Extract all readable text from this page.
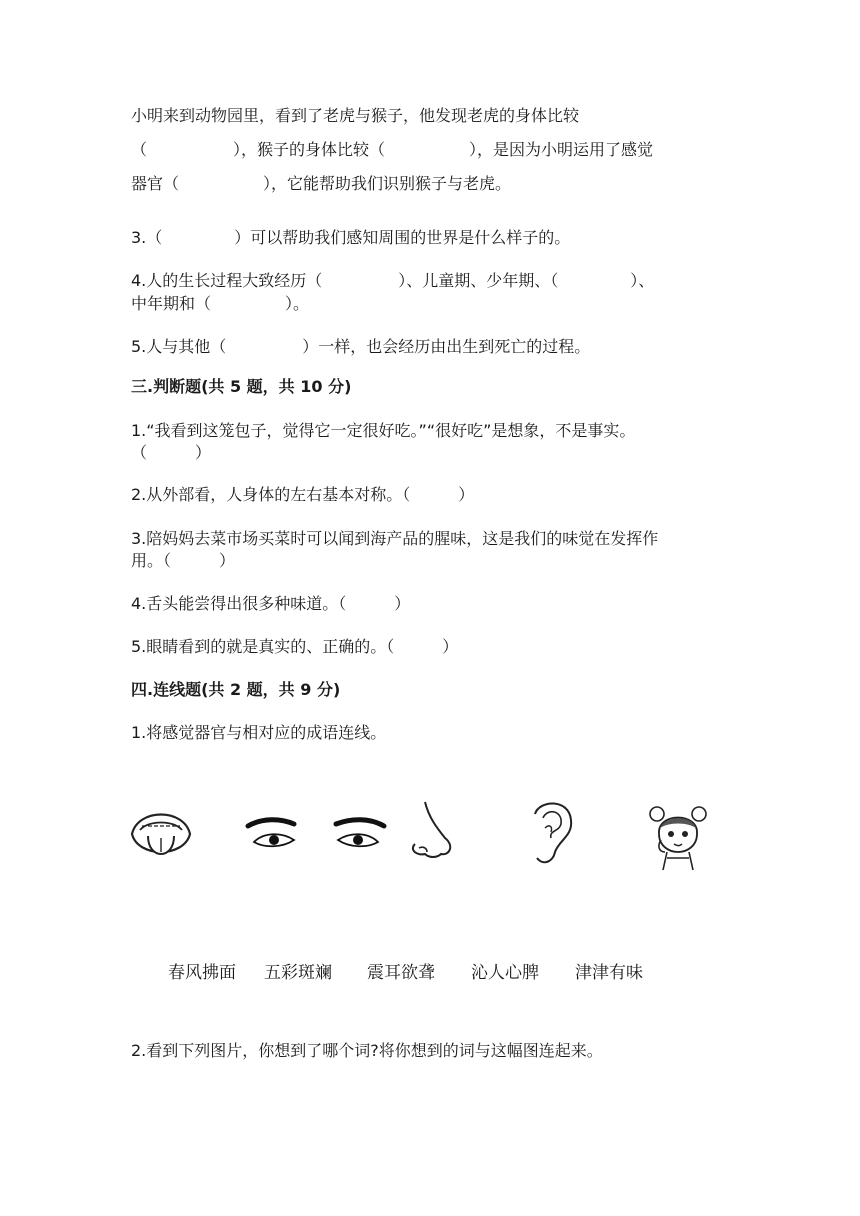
小明来到动物园里，看到了老虎与猴子，他发现老虎的身体比较
（	），猴子的身体比较（	），是因为小明运用了感觉
器官（	），它能帮助我们识别猴子与老虎。
3.（	）可以帮助我们感知周围的世界是什么样子的。
4.人的生长过程大致经历（	）、儿童期、少年期、（	）、
中年期和（	）。
5.人与其他（	）一样，也会经历由出生到死亡的过程。
三.判断题(共 5 题，共 10 分)
1.“我看到这笼包子，觉得它一定很好吃。”“很好吃”是想象，不是事实。
（　　　）
2.从外部看，人身体的左右基本对称。（　　　）
3.陪妈妈去菜市场买菜时可以闻到海产品的腥味，这是我们的味觉在发挥作
用。（　　　）
4.舌头能尝得出很多种味道。（　　　）
5.眼睛看到的就是真实的、正确的。（　　　）
四.连线题(共 2 题，共 9 分)
1.将感觉器官与相对应的成语连线。
春风拂面 五彩斑斓 震耳欲聋 沁人心脾 津津有味
2.看到下列图片，你想到了哪个词?将你想到的词与这幅图连起来。
